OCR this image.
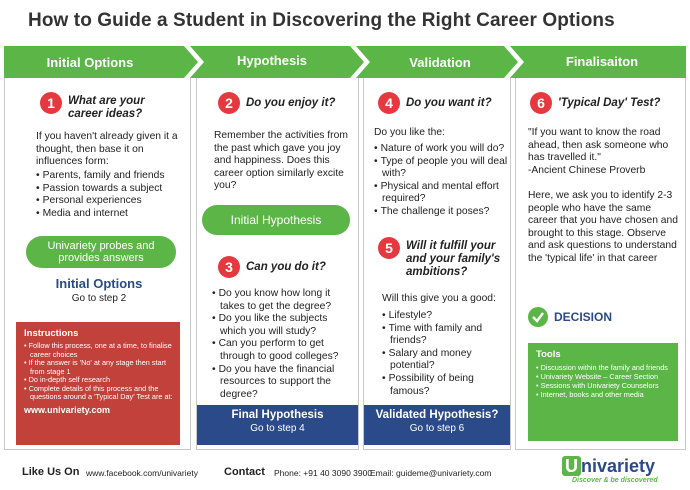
How to Guide a Student in Discovering the Right Career Options
Initial Options	Hypothesis	Validation	Finalisaiton
1	What are your career ideas?
If you haven't already given it a thought, then base it on influences form:
• Parents, family and friends
• Passion towards a subject
• Personal experiences
• Media and internet
Univariety probes and provides answers
Initial Options
Go to step 2
Instructions
• Follow this process, one at a time, to finalise career choices
• If the answer is 'No' at any stage then start from stage 1
• Do in-depth self research
• Complete details of this process and the questions around a 'Typical Day' Test are at:
www.univariety.com
2	Do you enjoy it?
Remember the activities from the past which gave you joy and happiness. Does this career option similarly excite you?
Initial Hypothesis
3	Can you do it?
• Do you know how long it takes to get the degree?
• Do you like the subjects which you will study?
• Can you perform to get through to good colleges?
• Do you have the financial resources to support the degree?
Final Hypothesis
Go to step 4
4	Do you want it?
Do you like the:
• Nature of work you will do?
• Type of people you will deal with?
• Physical and mental effort required?
• The challenge it poses?
5	Will it fulfill your and your family's ambitions?
Will this give you a good:
• Lifestyle?
• Time with family and friends?
• Salary and money potential?
• Possibility of being famous?
Validated Hypothesis?
Go to step 6
6	'Typical Day' Test?
"If you want to know the road ahead, then ask someone who has travelled it."
-Ancient Chinese Proverb
Here, we ask you to identify 2-3 people who have the same career that you have chosen and brought to this stage. Observe and ask questions to understand the 'typical life' in that career
DECISION
Tools
• Discussion within the family and friends
• Univariety Website – Career Section
• Sessions with Univariety Counselors
• Internet, books and other media
Like Us On www.facebook.com/univariety Contact Phone: +91 40 3090 3900
Email: guideme@univariety.com	U nivariety
Discover & be discovered
